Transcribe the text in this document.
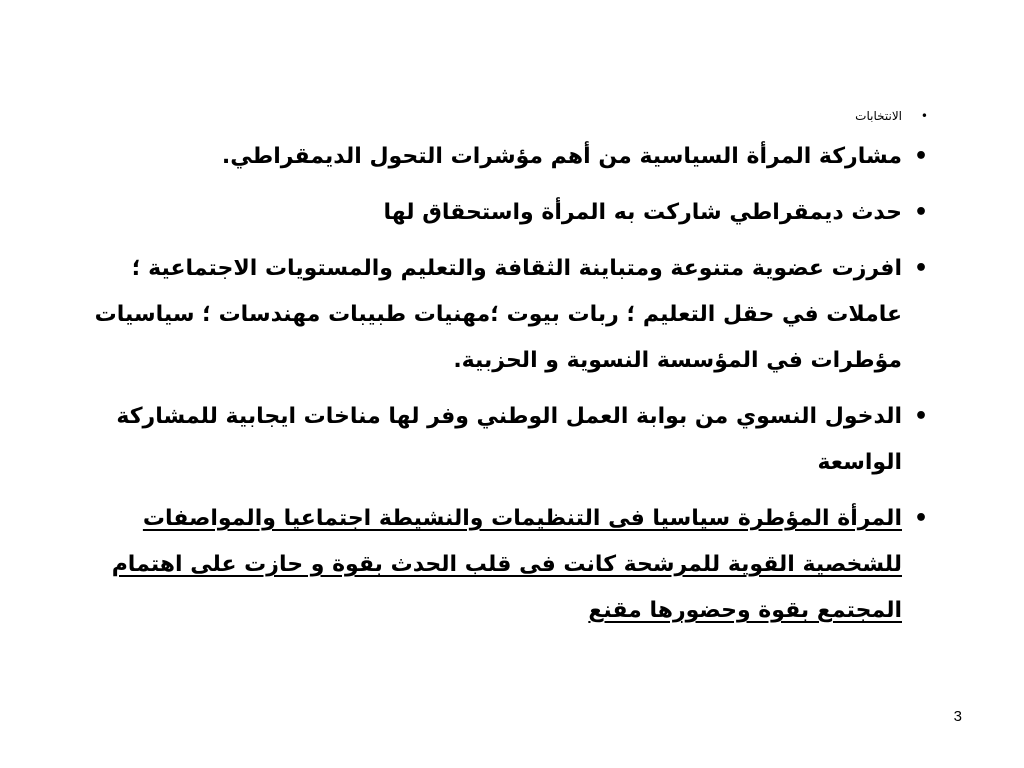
•
الانتخابات
•
مشاركة المرأة السياسية من أهم مؤشرات التحول الديمقراطي.
•
حدث ديمقراطي شاركت به المرأة واستحقاق لها
•
افرزت عضوية متنوعة ومتباينة الثقافة والتعليم والمستويات الاجتماعية ؛ عاملات في حقل التعليم ؛ ربات بيوت ؛مهنيات طبيبات مهندسات ؛ سياسيات مؤطرات في المؤسسة النسوية و الحزبية.
•
الدخول النسوي من بوابة العمل الوطني وفر لها مناخات ايجابية للمشاركة الواسعة
•
المرأة المؤطرة سياسيا فى التنظيمات والنشيطة اجتماعيا والمواصفات للشخصية القوية للمرشحة كانت فى قلب الحدث بقوة و حازت على اهتمام المجتمع بقوة وحضورها مقنع
3
